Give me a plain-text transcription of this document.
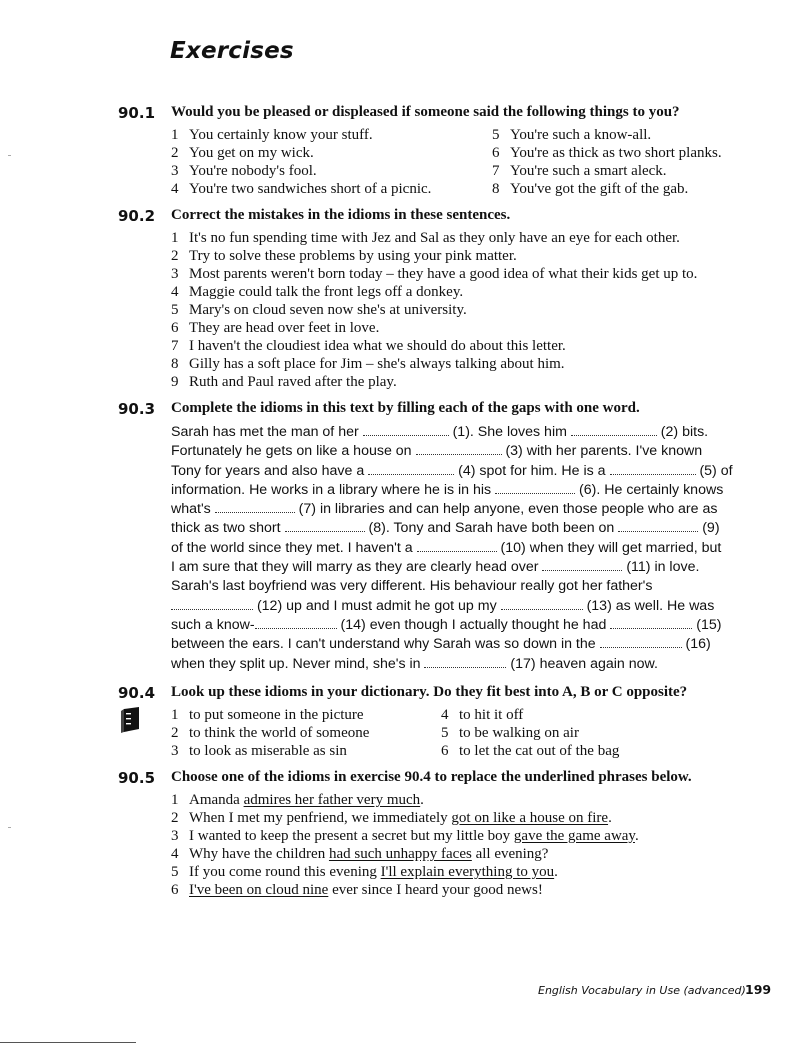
Exercises
90.1 Would you be pleased or displeased if someone said the following things to you?
1 You certainly know your stuff.
2 You get on my wick.
3 You're nobody's fool.
4 You're two sandwiches short of a picnic.
5 You're such a know-all.
6 You're as thick as two short planks.
7 You're such a smart aleck.
8 You've got the gift of the gab.
90.2 Correct the mistakes in the idioms in these sentences.
1 It's no fun spending time with Jez and Sal as they only have an eye for each other.
2 Try to solve these problems by using your pink matter.
3 Most parents weren't born today – they have a good idea of what their kids get up to.
4 Maggie could talk the front legs off a donkey.
5 Mary's on cloud seven now she's at university.
6 They are head over feet in love.
7 I haven't the cloudiest idea what we should do about this letter.
8 Gilly has a soft place for Jim – she's always talking about him.
9 Ruth and Paul raved after the play.
90.3 Complete the idioms in this text by filling each of the gaps with one word.
Sarah has met the man of her	(1). She loves him	(2) bits.
Fortunately he gets on like a house on	(3) with her parents. I've known
Tony for years and also have a	(4) spot for him. He is a	(5) of
information. He works in a library where he is in his	(6). He certainly knows
what's	(7) in libraries and can help anyone, even those people who are as
thick as two short	(8). Tony and Sarah have both been on	(9)
of the world since they met. I haven't a	(10) when they will get married, but
I am sure that they will marry as they are clearly head over	(11) in love.
Sarah's last boyfriend was very different. His behaviour really got her father's
(12) up and I must admit he got up my	(13) as well. He was
such a know-	(14) even though I actually thought he had	(15)
between the ears. I can't understand why Sarah was so down in the	(16)
when they split up. Never mind, she's in	(17) heaven again now.
90.4 Look up these idioms in your dictionary. Do they fit best into A, B or C opposite?
1 to put someone in the picture
2 to think the world of someone
3 to look as miserable as sin
4 to hit it off
5 to be walking on air
6 to let the cat out of the bag
90.5 Choose one of the idioms in exercise 90.4 to replace the underlined phrases below.
1 Amanda admires her father very much.
2 When I met my penfriend, we immediately got on like a house on fire.
3 I wanted to keep the present a secret but my little boy gave the game away.
4 Why have the children had such unhappy faces all evening?
5 If you come round this evening I'll explain everything to you.
6 I've been on cloud nine ever since I heard your good news!
English Vocabulary in Use (advanced) 199
